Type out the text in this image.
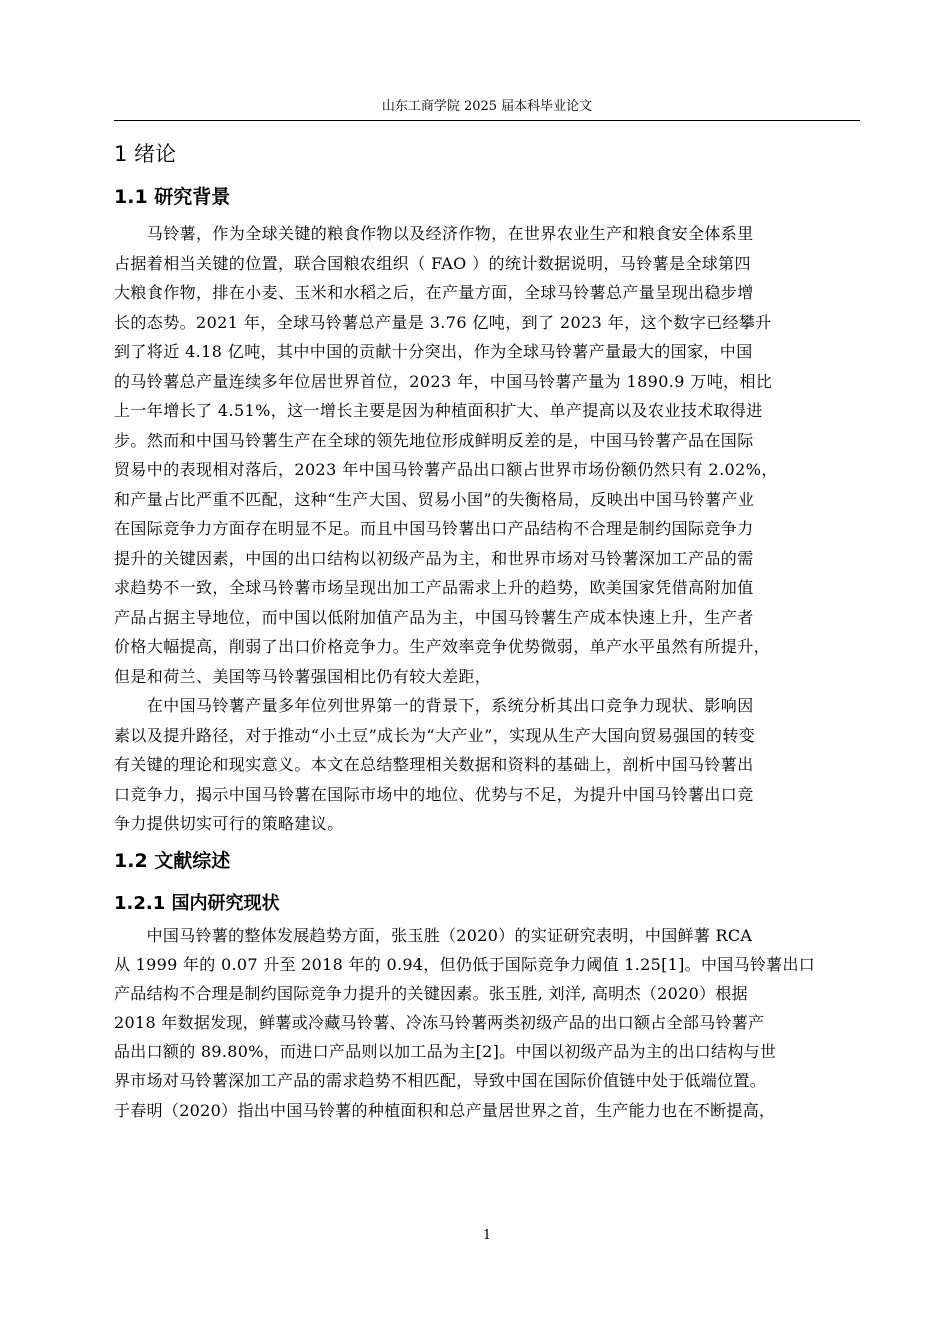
山东工商学院 2025 届本科毕业论文
1 绪论
1.1 研究背景
　　马铃薯，作为全球关键的粮食作物以及经济作物，在世界农业生产和粮食安全体系里
占据着相当关键的位置，联合国粮农组织（ FAO ）的统计数据说明，马铃薯是全球第四
大粮食作物，排在小麦、玉米和水稻之后，在产量方面，全球马铃薯总产量呈现出稳步增
长的态势。2021 年，全球马铃薯总产量是 3.76 亿吨，到了 2023 年，这个数字已经攀升
到了将近 4.18 亿吨，其中中国的贡献十分突出，作为全球马铃薯产量最大的国家，中国
的马铃薯总产量连续多年位居世界首位，2023 年，中国马铃薯产量为 1890.9 万吨，相比
上一年增长了 4.51%，这一增长主要是因为种植面积扩大、单产提高以及农业技术取得进
步。然而和中国马铃薯生产在全球的领先地位形成鲜明反差的是，中国马铃薯产品在国际
贸易中的表现相对落后，2023 年中国马铃薯产品出口额占世界市场份额仍然只有 2.02%，
和产量占比严重不匹配，这种“生产大国、贸易小国”的失衡格局，反映出中国马铃薯产业
在国际竞争力方面存在明显不足。而且中国马铃薯出口产品结构不合理是制约国际竞争力
提升的关键因素，中国的出口结构以初级产品为主，和世界市场对马铃薯深加工产品的需
求趋势不一致，全球马铃薯市场呈现出加工产品需求上升的趋势，欧美国家凭借高附加值
产品占据主导地位，而中国以低附加值产品为主，中国马铃薯生产成本快速上升，生产者
价格大幅提高，削弱了出口价格竞争力。生产效率竞争优势微弱，单产水平虽然有所提升，
但是和荷兰、美国等马铃薯强国相比仍有较大差距，
　　在中国马铃薯产量多年位列世界第一的背景下，系统分析其出口竞争力现状、影响因
素以及提升路径，对于推动“小土豆”成长为“大产业”，实现从生产大国向贸易强国的转变
有关键的理论和现实意义。本文在总结整理相关数据和资料的基础上，剖析中国马铃薯出
口竞争力，揭示中国马铃薯在国际市场中的地位、优势与不足，为提升中国马铃薯出口竞
争力提供切实可行的策略建议。
1.2 文献综述
1.2.1 国内研究现状
　　中国马铃薯的整体发展趋势方面，张玉胜（2020）的实证研究表明，中国鲜薯 RCA
从 1999 年的 0.07 升至 2018 年的 0.94，但仍低于国际竞争力阈值 1.25[1]。中国马铃薯出口
产品结构不合理是制约国际竞争力提升的关键因素。张玉胜, 刘洋, 高明杰（2020）根据
2018 年数据发现，鲜薯或冷藏马铃薯、冷冻马铃薯两类初级产品的出口额占全部马铃薯产
品出口额的 89.80%，而进口产品则以加工品为主[2]。中国以初级产品为主的出口结构与世
界市场对马铃薯深加工产品的需求趋势不相匹配，导致中国在国际价值链中处于低端位置。
于春明（2020）指出中国马铃薯的种植面积和总产量居世界之首，生产能力也在不断提高，
1
